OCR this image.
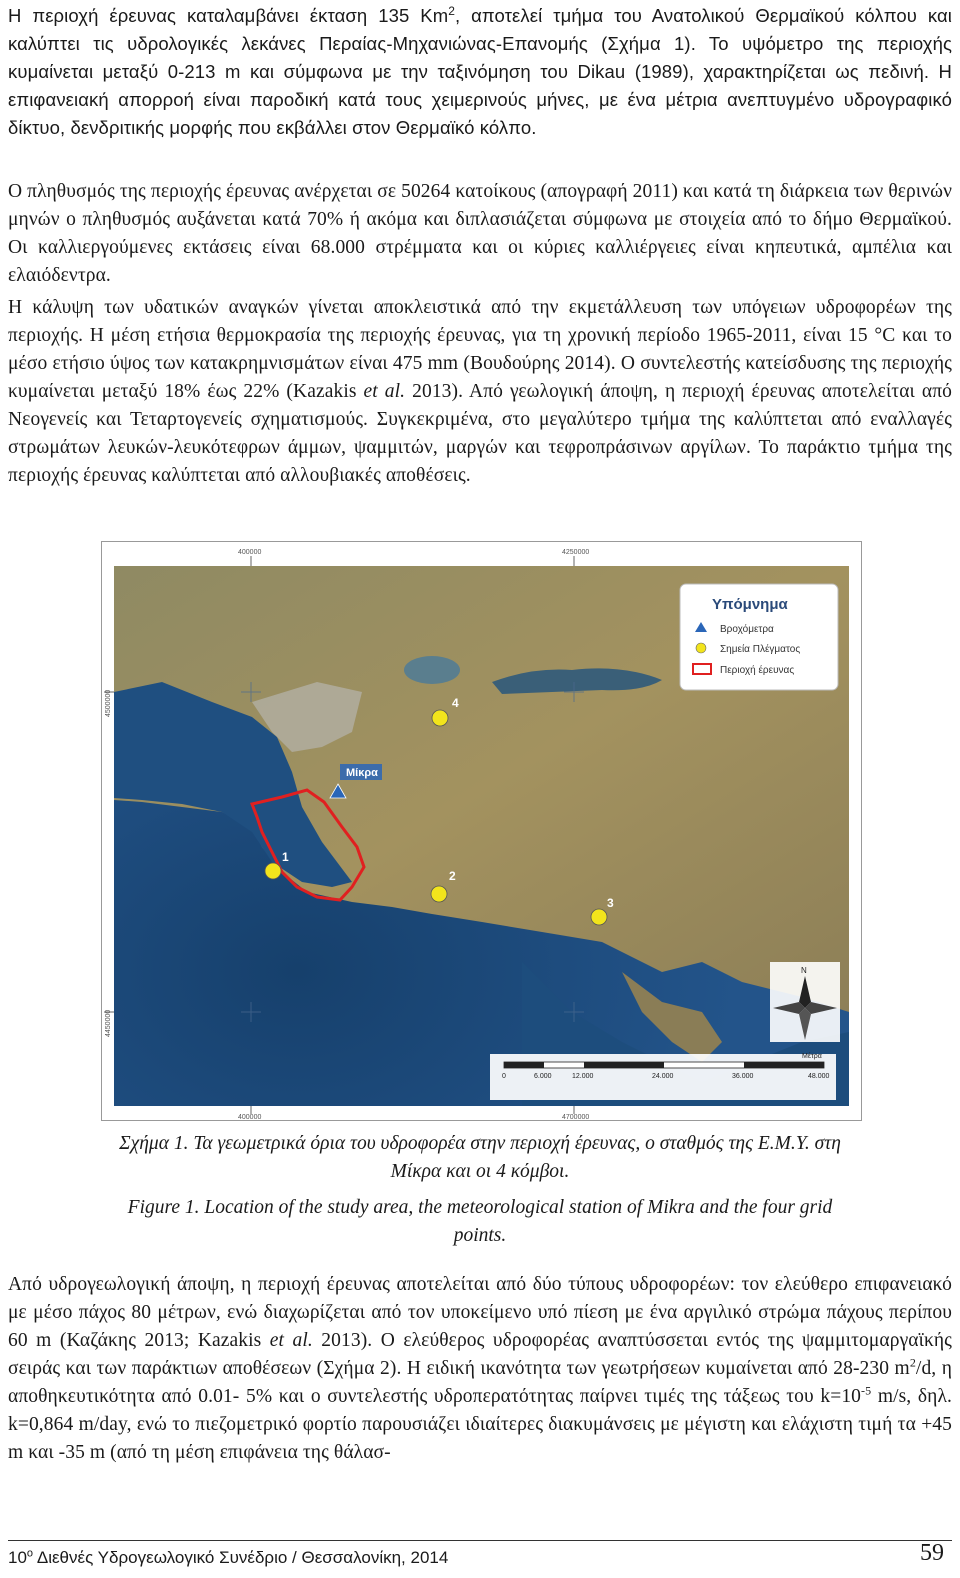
Η περιοχή έρευνας καταλαμβάνει έκταση 135 Km$^2$, αποτελεί τμήμα του Ανατολικού Θερμαϊκού κόλπου και καλύπτει τις υδρολογικές λεκάνες Περαίας-Μηχανιώνας-Επανομής (Σχήμα 1). Το υψόμετρο της περιοχής κυμαίνεται μεταξύ 0-213 m και σύμφωνα με την ταξινόμηση του Dikau (1989), χαρακτηρίζεται ως πεδινή. Η επιφανειακή απορροή είναι παροδική κατά τους χειμερινούς μήνες, με ένα μέτρια ανεπτυγμένο υδρογραφικό δίκτυο, δενδριτικής μορφής που εκβάλλει στον Θερμαϊκό κόλπο.

Ο πληθυσμός της περιοχής έρευνας ανέρχεται σε 50264 κατοίκους (απογραφή 2011) και κατά τη διάρκεια των θερινών μηνών ο πληθυσμός αυξάνεται κατά 70% ή ακόμα και διπλασιάζεται σύμφωνα με στοιχεία από το δήμο Θερμαϊκού. Οι καλλιεργούμενες εκτάσεις είναι 68.000 στρέμματα και οι κύριες καλλιέργειες είναι κηπευτικά, αμπέλια και ελαιόδεντρα.

Η κάλυψη των υδατικών αναγκών γίνεται αποκλειστικά από την εκμετάλλευση των υπόγειων υδροφορέων της περιοχής. Η μέση ετήσια θερμοκρασία της περιοχής έρευνας, για τη χρονική περίοδο 1965-2011, είναι 15 °C και το μέσο ετήσιο ύψος των κατακρημνισμάτων είναι 475 mm (Βουδούρης 2014). Ο συντελεστής κατείσδυσης της περιοχής κυμαίνεται μεταξύ 18% έως 22% (Kazakis et al. 2013). Από γεωλογική άποψη, η περιοχή έρευνας αποτελείται από Νεογενείς και Τεταρτογενείς σχηματισμούς. Συγκεκριμένα, στο μεγαλύτερο τμήμα της καλύπτεται από εναλλαγές στρωμάτων λευκών-λευκότεφρων άμμων, ψαμμιτών, μαργών και τεφροπράσινων αργίλων. Το παράκτιο τμήμα της περιοχής έρευνας καλύπτεται από αλλουβιακές αποθέσεις.

Από υδρογεωλογική άποψη, η περιοχή έρευνας αποτελείται από δύο τύπους υδροφορέων: τον ελεύθερο επιφανειακό με μέσο πάχος 80 μέτρων, ενώ διαχωρίζεται από τον υποκείμενο υπό πίεση με ένα αργιλικό στρώμα πάχους περίπου 60 m (Καζάκης 2013; Kazakis et al. 2013). Ο ελεύθερος υδροφορέας αναπτύσσεται εντός της ψαμμιτομαργαϊκής σειράς και των παράκτιων αποθέσεων (Σχήμα 2). Η ειδική ικανότητα των γεωτρήσεων κυμαίνεται από 28-230 $m^2/d$, η αποθηκευτικότητα από 0.01- 5% και ο συντελεστής υδροπερατότητας παίρνει τιμές της τάξεως του $k=10^{-5}$ m/s, δηλ. k=0,864 m/day, ενώ το πιεζομετρικό φορτίο παρουσιάζει ιδιαίτερες διακυμάνσεις με μέγιστη και ελάχιστη τιμή τα +45 m και -35 m (από τη μέση επιφάνεια της θάλασ-

Σχήμα 1. Τα γεωμετρικά όρια του υδροφορέα στην περιοχή έρευνας, ο σταθμός της Ε.Μ.Υ. στη
Μίκρα και οι 4 κόμβοι.
Figure 1. Location of the study area, the meteorological station of Mikra and the four grid
points.
400000	4250000
400000	4700000
4500000
4450000
Μίκρα
1
2
3
4
Υπόμνημα
Βροχόμετρα
Σημεία Πλέγματος
Περιοχή έρευνας
N
0	6.000	12.000	24.000	36.000	48.000
Μέτρα
$10^o$ Διεθνές Υδρογεωλογικό Συνέδριο / Θεσσαλονίκη, 2014	59
